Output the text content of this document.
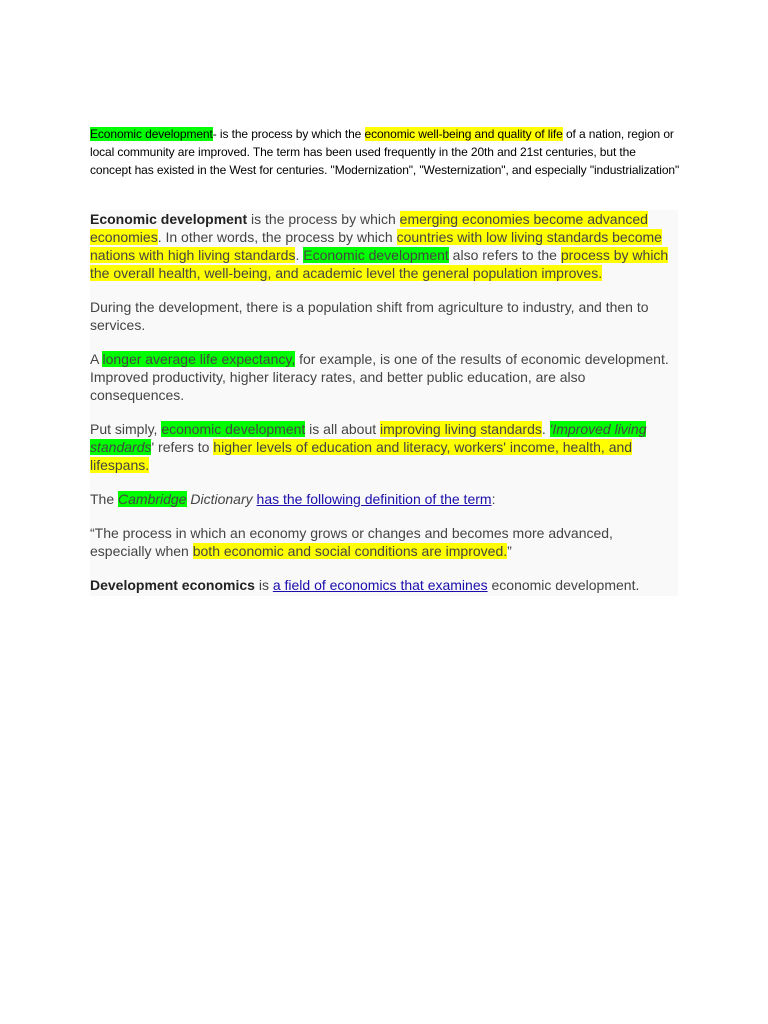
Economic development- is the process by which the economic well-being and quality of life of a nation, region or local community are improved. The term has been used frequently in the 20th and 21st centuries, but the concept has existed in the West for centuries. "Modernization", "Westernization", and especially "industrialization"

Economic development is the process by which emerging economies become advanced economies. In other words, the process by which countries with low living standards become nations with high living standards. Economic development also refers to the process by which the overall health, well-being, and academic level the general population improves.

During the development, there is a population shift from agriculture to industry, and then to services.

A longer average life expectancy, for example, is one of the results of economic development. Improved productivity, higher literacy rates, and better public education, are also consequences.

Put simply, economic development is all about improving living standards. 'Improved living standards' refers to higher levels of education and literacy, workers' income, health, and lifespans.

The Cambridge Dictionary has the following definition of the term:

“The process in which an economy grows or changes and becomes more advanced, especially when both economic and social conditions are improved.”

Development economics is a field of economics that examines economic development.
